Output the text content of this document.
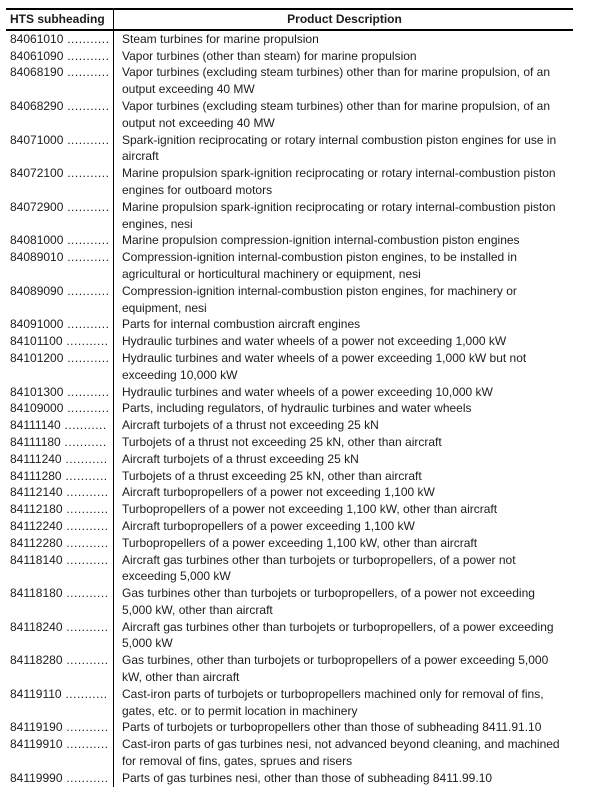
HTS subheading	Product Description
84061010 ...........	Steam turbines for marine propulsion
84061090 ...........	Vapor turbines (other than steam) for marine propulsion
84068190 ...........	Vapor turbines (excluding steam turbines) other than for marine propulsion, of an output exceeding 40 MW
84068290 ...........	Vapor turbines (excluding steam turbines) other than for marine propulsion, of an output not exceeding 40 MW
84071000 ...........	Spark-ignition reciprocating or rotary internal combustion piston engines for use in aircraft
84072100 ...........	Marine propulsion spark-ignition reciprocating or rotary internal-combustion piston engines for outboard motors
84072900 ...........	Marine propulsion spark-ignition reciprocating or rotary internal-combustion piston engines, nesi
84081000 ...........	Marine propulsion compression-ignition internal-combustion piston engines
84089010 ...........	Compression-ignition internal-combustion piston engines, to be installed in agricultural or horticultural machinery or equipment, nesi
84089090 ...........	Compression-ignition internal-combustion piston engines, for machinery or equipment, nesi
84091000 ...........	Parts for internal combustion aircraft engines
84101100 ...........	Hydraulic turbines and water wheels of a power not exceeding 1,000 kW
84101200 ...........	Hydraulic turbines and water wheels of a power exceeding 1,000 kW but not exceeding 10,000 kW
84101300 ...........	Hydraulic turbines and water wheels of a power exceeding 10,000 kW
84109000 ...........	Parts, including regulators, of hydraulic turbines and water wheels
84111140 ...........	Aircraft turbojets of a thrust not exceeding 25 kN
84111180 ...........	Turbojets of a thrust not exceeding 25 kN, other than aircraft
84111240 ...........	Aircraft turbojets of a thrust exceeding 25 kN
84111280 ...........	Turbojets of a thrust exceeding 25 kN, other than aircraft
84112140 ...........	Aircraft turbopropellers of a power not exceeding 1,100 kW
84112180 ...........	Turbopropellers of a power not exceeding 1,100 kW, other than aircraft
84112240 ...........	Aircraft turbopropellers of a power exceeding 1,100 kW
84112280 ...........	Turbopropellers of a power exceeding 1,100 kW, other than aircraft
84118140 ...........	Aircraft gas turbines other than turbojets or turbopropellers, of a power not exceeding 5,000 kW
84118180 ...........	Gas turbines other than turbojets or turbopropellers, of a power not exceeding 5,000 kW, other than aircraft
84118240 ...........	Aircraft gas turbines other than turbojets or turbopropellers, of a power exceeding 5,000 kW
84118280 ...........	Gas turbines, other than turbojets or turbopropellers of a power exceeding 5,000 kW, other than aircraft
84119110 ...........	Cast-iron parts of turbojets or turbopropellers machined only for removal of fins, gates, etc. or to permit location in machinery
84119190 ...........	Parts of turbojets or turbopropellers other than those of subheading 8411.91.10
84119910 ...........	Cast-iron parts of gas turbines nesi, not advanced beyond cleaning, and machined for removal of fins, gates, sprues and risers
84119990 ...........	Parts of gas turbines nesi, other than those of subheading 8411.99.10
